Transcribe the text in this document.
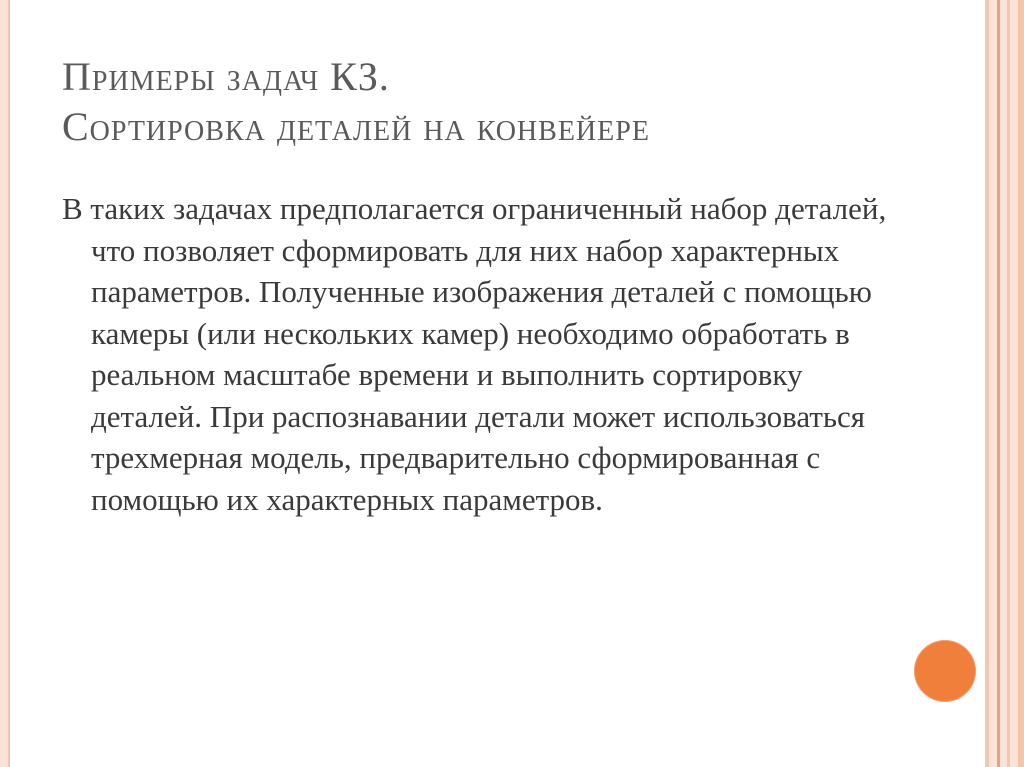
Примеры задач КЗ.
Сортировка деталей на конвейере

В таких задачах предполагается ограниченный набор деталей, что позволяет сформировать для них набор характерных параметров. Полученные изображения деталей с помощью камеры (или нескольких камер) необходимо обработать в реальном масштабе времени и выполнить сортировку деталей. При распознавании детали может использоваться трехмерная модель, предварительно сформированная с помощью их характерных параметров.
